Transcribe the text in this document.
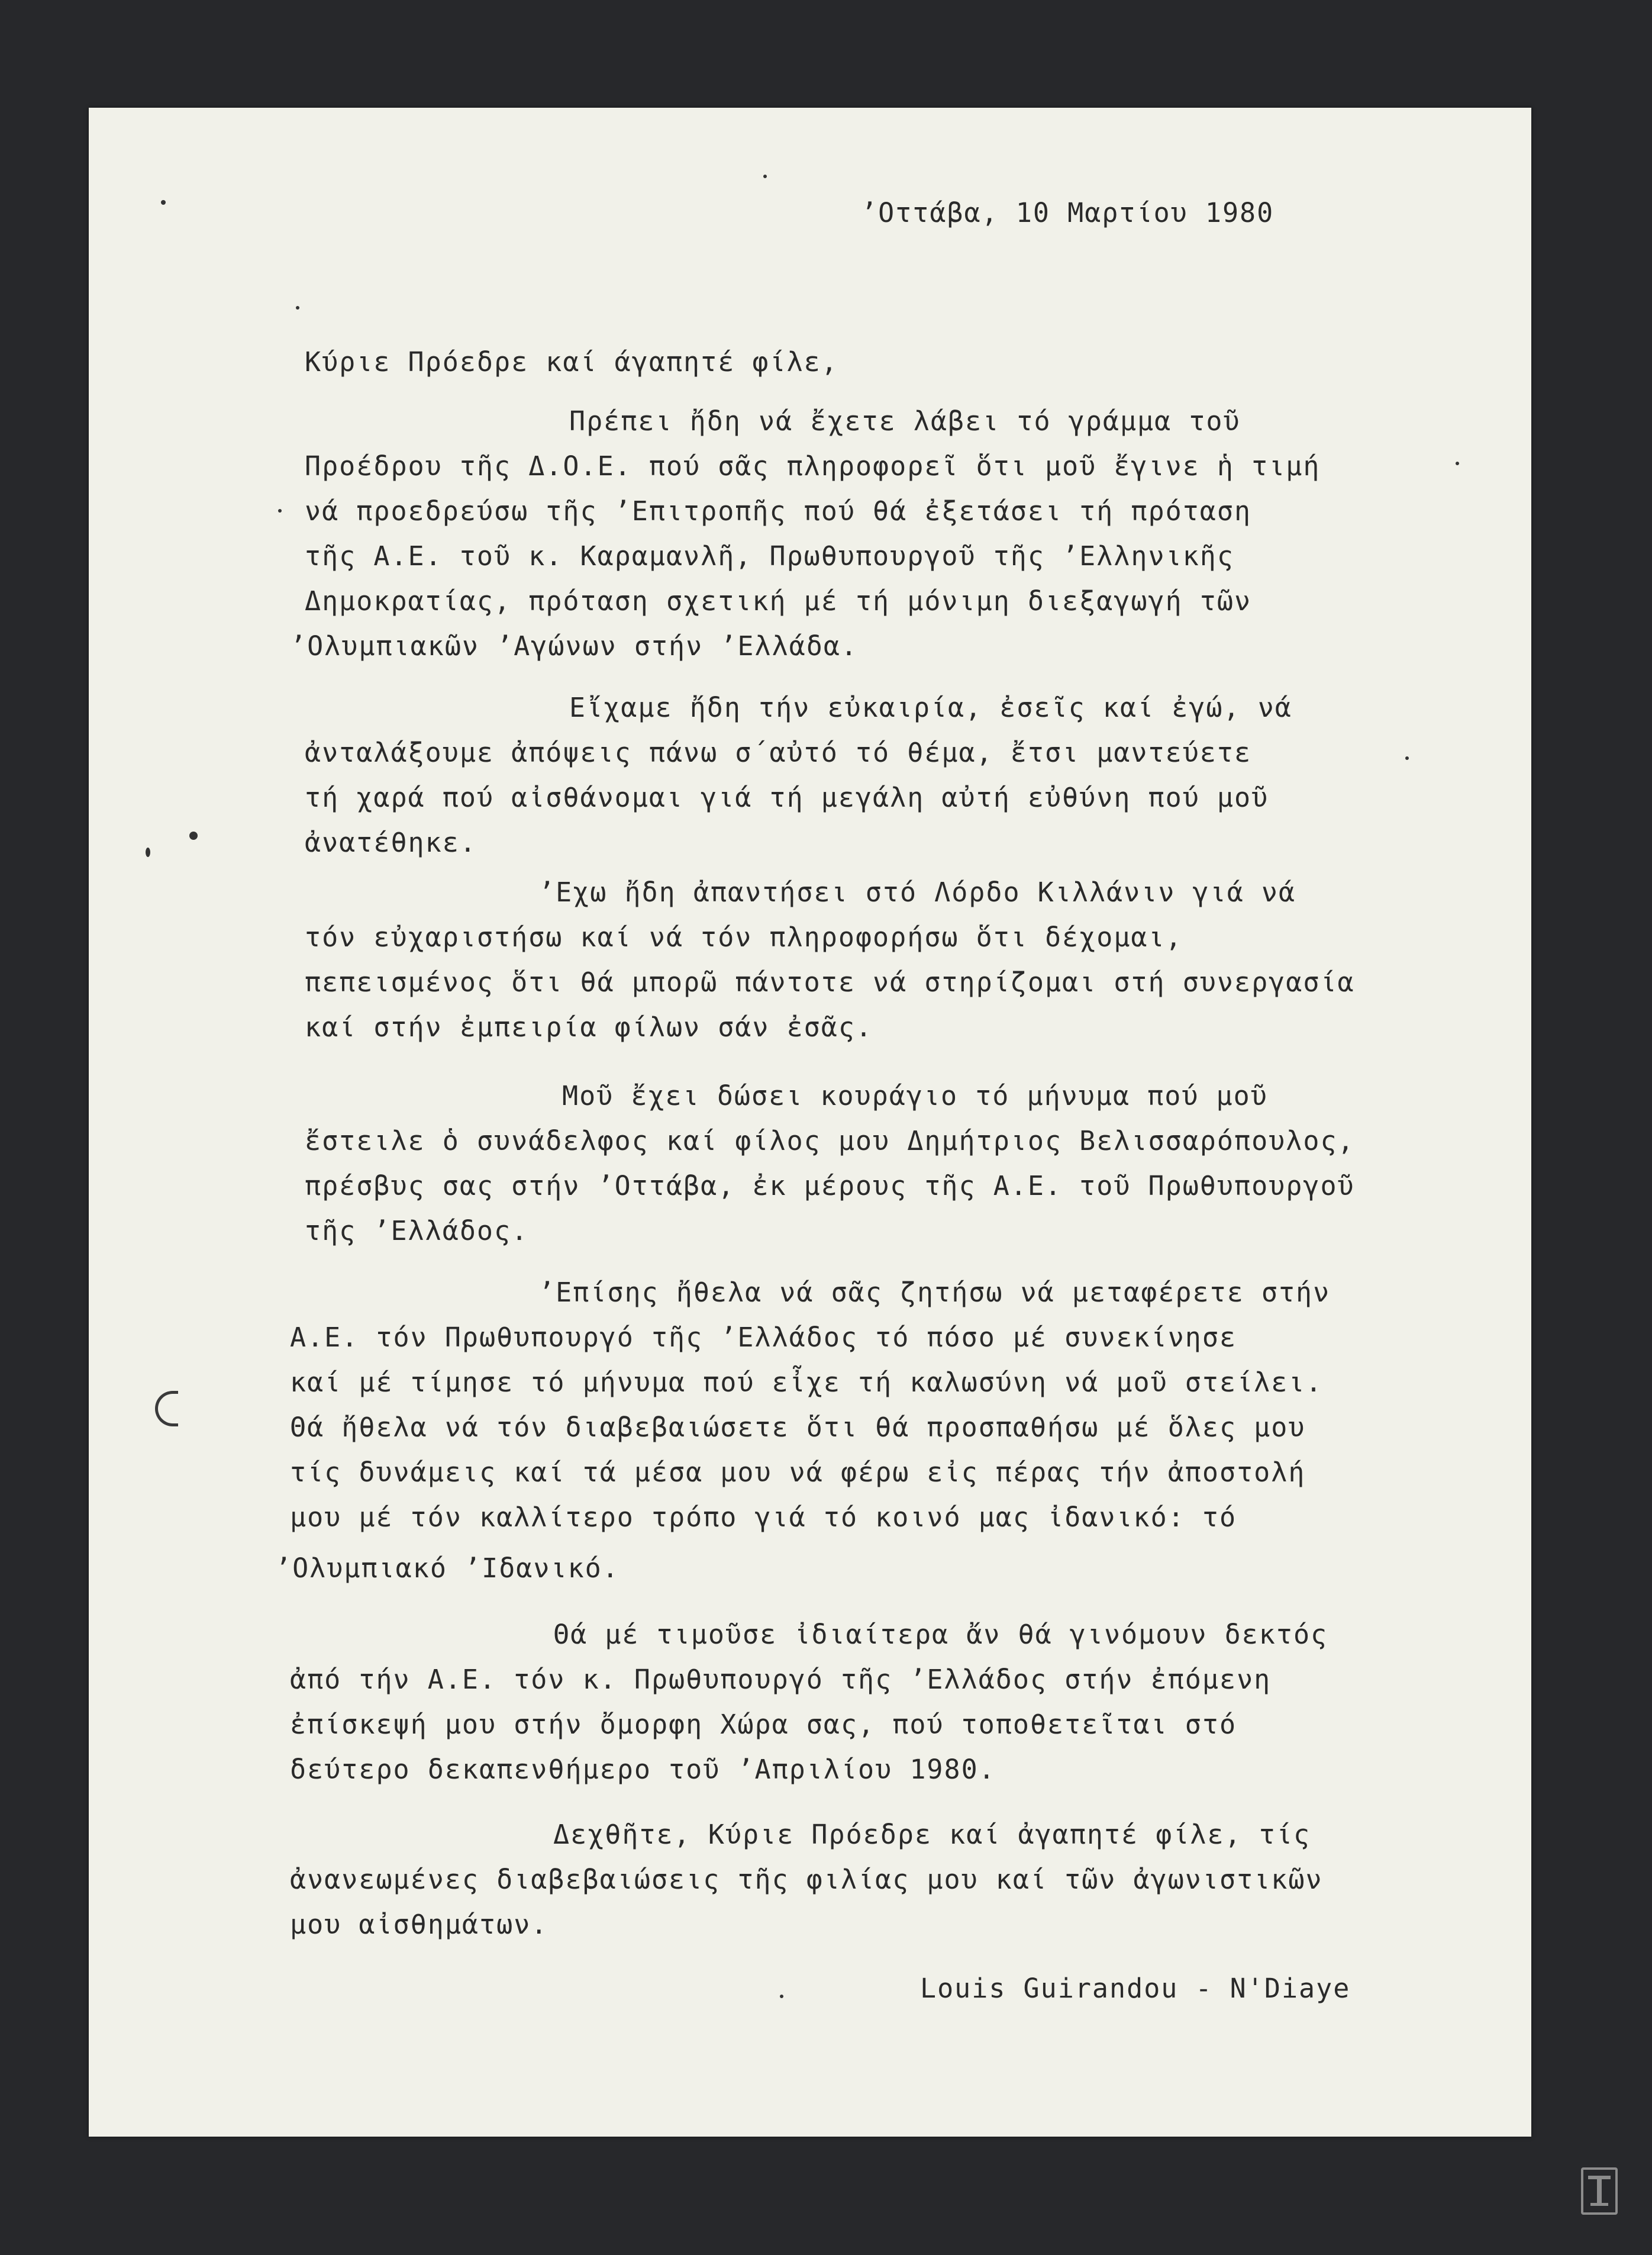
ʼΟττάβα, 10 Μαρτίου 1980
Κύριε Πρόεδρε καί άγαπητέ φίλε,
Πρέπει ἤδη νά ἔχετε λάβει τό γράμμα τοῦ
Προέδρου τῆς Δ.Ο.Ε. πού σᾶς πληροφορεῖ ὅτι μοῦ ἔγινε ἡ τιμή
νά προεδρεύσω τῆς ʼΕπιτροπῆς πού θά ἐξετάσει τή πρόταση
τῆς Α.Ε. τοῦ κ. Καραμανλῆ, Πρωθυπουργοῦ τῆς ʼΕλληνικῆς
Δημοκρατίας, πρόταση σχετική μέ τή μόνιμη διεξαγωγή τῶν
ʼΟλυμπιακῶν ʼΑγώνων στήν ʼΕλλάδα.
Εἴχαμε ἤδη τήν εὐκαιρία, ἐσεῖς καί ἐγώ, νά
ἀνταλάξουμε ἀπόψεις πάνω σ΄αὐτό τό θέμα, ἔτσι μαντεύετε
τή χαρά πού αἰσθάνομαι γιά τή μεγάλη αὐτή εὐθύνη πού μοῦ
ἀνατέθηκε.
ʼΕχω ἤδη ἀπαντήσει στό Λόρδο Κιλλάνιν γιά νά
τόν εὐχαριστήσω καί νά τόν πληροφορήσω ὅτι δέχομαι,
πεπεισμένος ὅτι θά μπορῶ πάντοτε νά στηρίζομαι στή συνεργασία
καί στήν ἐμπειρία φίλων σάν ἐσᾶς.
Μοῦ ἔχει δώσει κουράγιο τό μήνυμα πού μοῦ
ἔστειλε ὁ συνάδελφος καί φίλος μου Δημήτριος Βελισσαρόπουλος,
πρέσβυς σας στήν ʼΟττάβα, ἐκ μέρους τῆς Α.Ε. τοῦ Πρωθυπουργοῦ
τῆς ʼΕλλάδος.
ʼΕπίσης ἤθελα νά σᾶς ζητήσω νά μεταφέρετε στήν
Α.Ε. τόν Πρωθυπουργό τῆς ʼΕλλάδος τό πόσο μέ συνεκίνησε
καί μέ τίμησε τό μήνυμα πού εἶχε τή καλωσύνη νά μοῦ στείλει.
Θά ἤθελα νά τόν διαβεβαιώσετε ὅτι θά προσπαθήσω μέ ὅλες μου
τίς δυνάμεις καί τά μέσα μου νά φέρω εἰς πέρας τήν ἀποστολή
μου μέ τόν καλλίτερο τρόπο γιά τό κοινό μας ἰδανικό: τό
ʼΟλυμπιακό ʼΙδανικό.
Θά μέ τιμοῦσε ἰδιαίτερα ἄν θά γινόμουν δεκτός
ἀπό τήν Α.Ε. τόν κ. Πρωθυπουργό τῆς ʼΕλλάδος στήν ἐπόμενη
ἐπίσκεψή μου στήν ὄμορφη Χώρα σας, πού τοποθετεῖται στό
δεύτερο δεκαπενθήμερο τοῦ ʼΑπριλίου 1980.
Δεχθῆτε, Κύριε Πρόεδρε καί ἀγαπητέ φίλε, τίς
ἀνανεωμένες διαβεβαιώσεις τῆς φιλίας μου καί τῶν ἀγωνιστικῶν
μου αἰσθημάτων.
Louis Guirandou - N'Diaye
